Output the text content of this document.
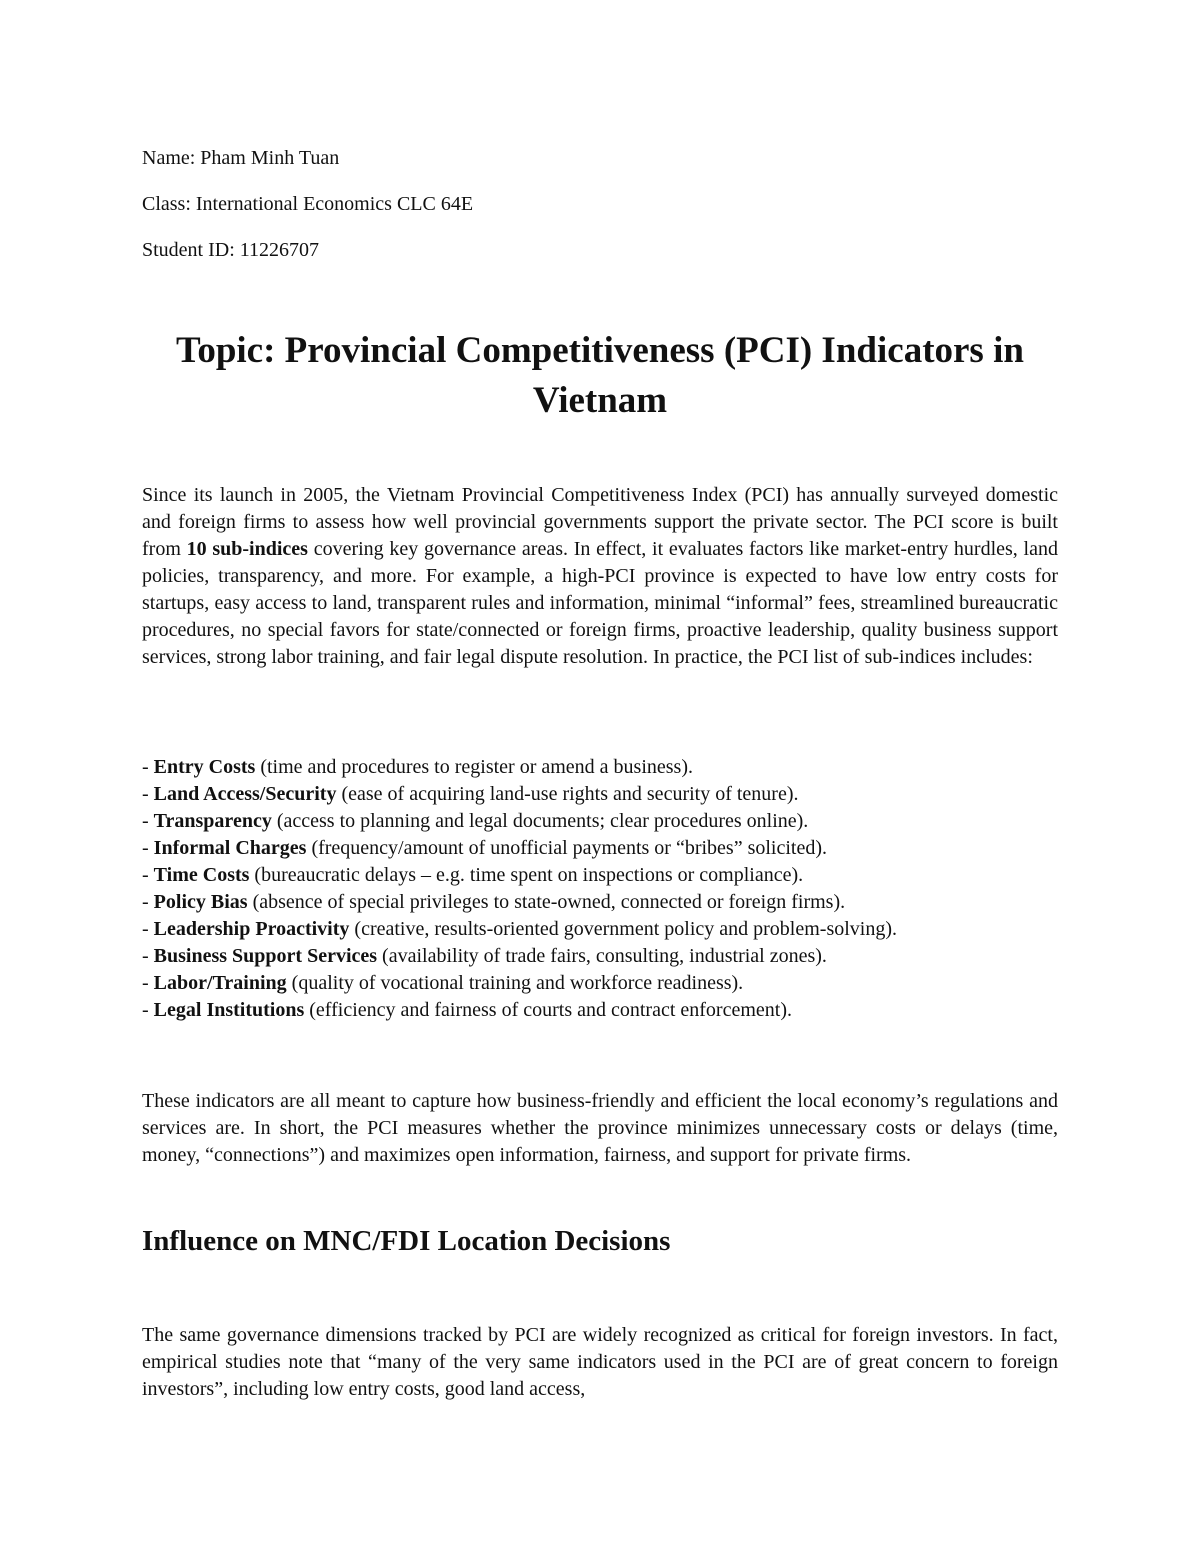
Name: Pham Minh Tuan
Class: International Economics CLC 64E
Student ID: 11226707
Topic: Provincial Competitiveness (PCI) Indicators in
Vietnam

Since its launch in 2005, the Vietnam Provincial Competitiveness Index (PCI) has annually surveyed domestic and foreign firms to assess how well provincial governments support the private sector. The PCI score is built from 10 sub-indices covering key governance areas. In effect, it evaluates factors like market-entry hurdles, land policies, transparency, and more. For example, a high-PCI province is expected to have low entry costs for startups, easy access to land, transparent rules and information, minimal “informal” fees, streamlined bureaucratic procedures, no special favors for state/connected or foreign firms, proactive leadership, quality business support services, strong labor training, and fair legal dispute resolution. In practice, the PCI list of sub-indices includes:

- Entry Costs (time and procedures to register or amend a business).
- Land Access/Security (ease of acquiring land-use rights and security of tenure).
- Transparency (access to planning and legal documents; clear procedures online).
- Informal Charges (frequency/amount of unofficial payments or “bribes” solicited).
- Time Costs (bureaucratic delays – e.g. time spent on inspections or compliance).
- Policy Bias (absence of special privileges to state-owned, connected or foreign firms).
- Leadership Proactivity (creative, results-oriented government policy and problem-solving).
- Business Support Services (availability of trade fairs, consulting, industrial zones).
- Labor/Training (quality of vocational training and workforce readiness).
- Legal Institutions (efficiency and fairness of courts and contract enforcement).

These indicators are all meant to capture how business-friendly and efficient the local economy’s regulations and services are. In short, the PCI measures whether the province minimizes unnecessary costs or delays (time, money, “connections”) and maximizes open information, fairness, and support for private firms.

Influence on MNC/FDI Location Decisions

The same governance dimensions tracked by PCI are widely recognized as critical for foreign investors. In fact, empirical studies note that “many of the very same indicators used in the PCI are of great concern to foreign investors”, including low entry costs, good land access,
